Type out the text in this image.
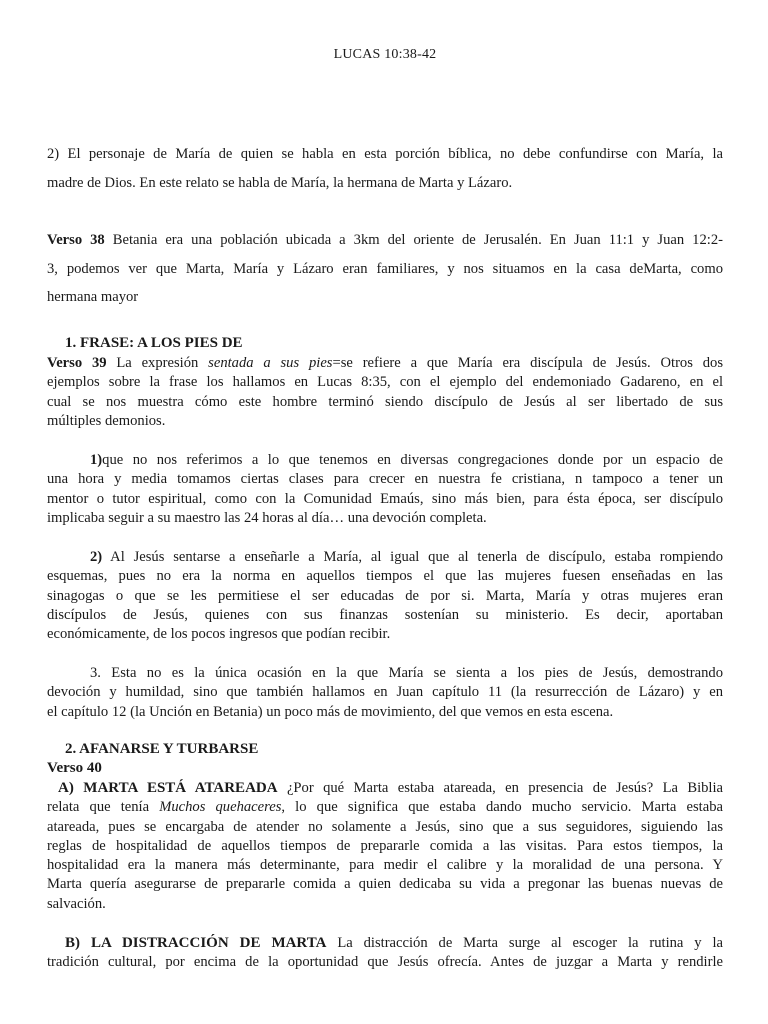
LUCAS 10:38-42
2) El personaje de María de quien se habla en esta porción bíblica, no debe confundirse con María, la
madre de Dios. En este relato se habla de María, la hermana de Marta y Lázaro.
Verso 38 Betania era una población ubicada a 3km del oriente de Jerusalén. En Juan 11:1 y Juan 12:2-
3, podemos ver que Marta, María y Lázaro eran familiares, y nos situamos en la casa deMarta, como
hermana mayor
1. FRASE: A LOS PIES DE
Verso 39 La expresión sentada a sus pies=se refiere a que María era discípula de Jesús. Otros dos
ejemplos sobre la frase los hallamos en Lucas 8:35, con el ejemplo del endemoniado Gadareno, en el
cual se nos muestra cómo este hombre terminó siendo discípulo de Jesús al ser libertado de sus
múltiples demonios.
1)que no nos referimos a lo que tenemos en diversas congregaciones donde por un espacio de
una hora y media tomamos ciertas clases para crecer en nuestra fe cristiana, n tampoco a tener un
mentor o tutor espiritual, como con la Comunidad Emaús, sino más bien, para ésta época, ser discípulo
implicaba seguir a su maestro las 24 horas al día… una devoción completa.
2) Al Jesús sentarse a enseñarle a María, al igual que al tenerla de discípulo, estaba rompiendo
esquemas, pues no era la norma en aquellos tiempos el que las mujeres fuesen enseñadas en las
sinagogas o que se les permitiese el ser educadas de por si. Marta, María y otras mujeres eran
discípulos de Jesús, quienes con sus finanzas sostenían su ministerio. Es decir, aportaban
económicamente, de los pocos ingresos que podían recibir.
3. Esta no es la única ocasión en la que María se sienta a los pies de Jesús, demostrando
devoción y humildad, sino que también hallamos en Juan capítulo 11 (la resurrección de Lázaro) y en
el capítulo 12 (la Unción en Betania) un poco más de movimiento, del que vemos en esta escena.
2. AFANARSE Y TURBARSE
Verso 40
A) MARTA ESTÁ ATAREADA ¿Por qué Marta estaba atareada, en presencia de Jesús? La Biblia
relata que tenía Muchos quehaceres, lo que significa que estaba dando mucho servicio. Marta estaba
atareada, pues se encargaba de atender no solamente a Jesús, sino que a sus seguidores, siguiendo las
reglas de hospitalidad de aquellos tiempos de prepararle comida a las visitas. Para estos tiempos, la
hospitalidad era la manera más determinante, para medir el calibre y la moralidad de una persona. Y
Marta quería asegurarse de prepararle comida a quien dedicaba su vida a pregonar las buenas nuevas de
salvación.
B) LA DISTRACCIÓN DE MARTA La distracción de Marta surge al escoger la rutina y la
tradición cultural, por encima de la oportunidad que Jesús ofrecía. Antes de juzgar a Marta y rendirle
